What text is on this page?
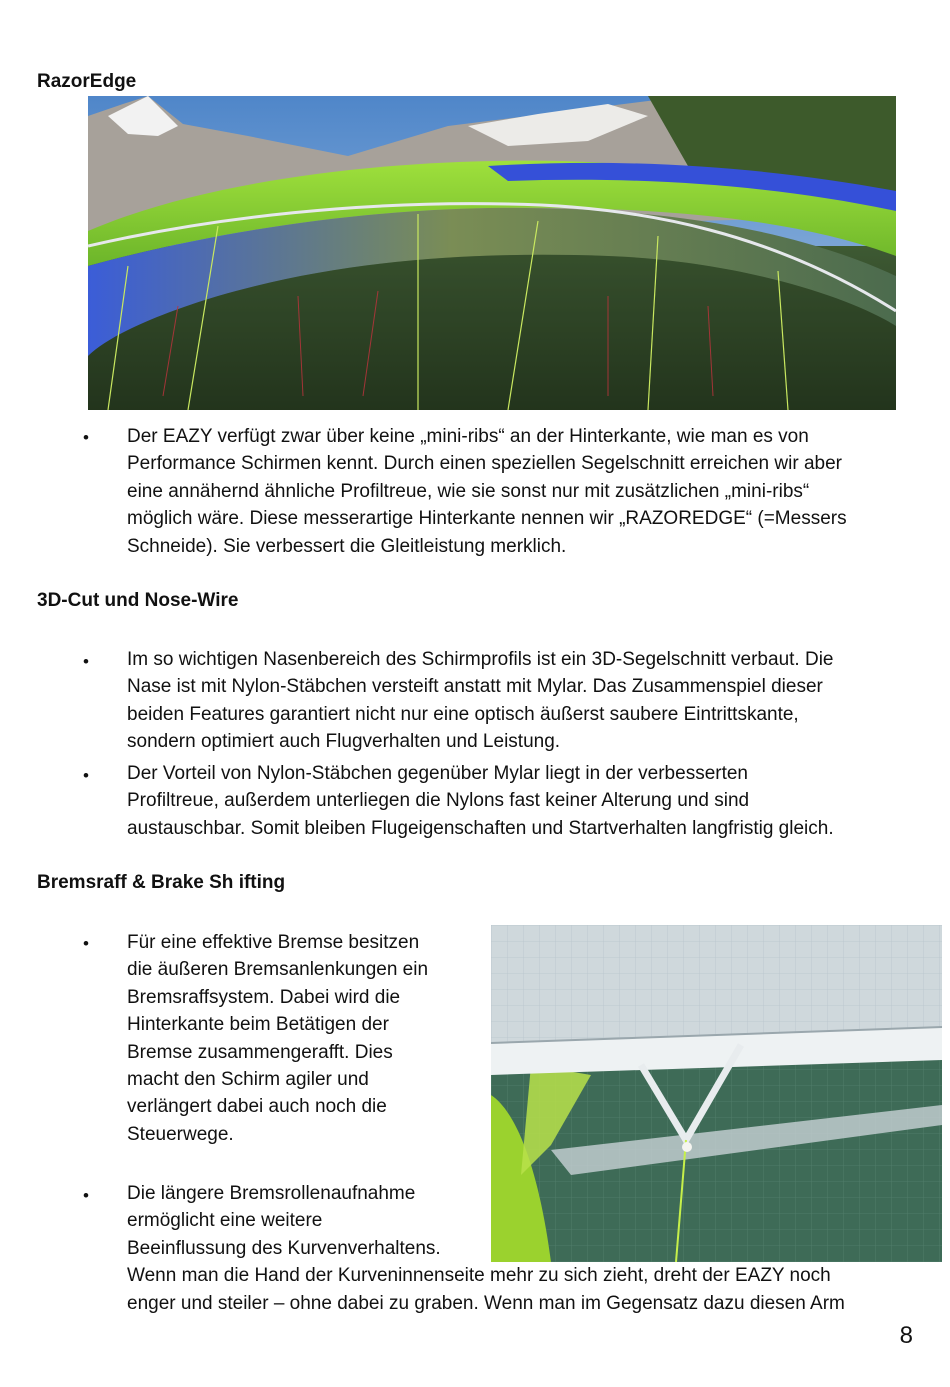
RazorEdge
• Der EAZY verfügt zwar über keine „mini-ribs“ an der Hinterkante, wie man es von
Performance Schirmen kennt. Durch einen speziellen Segelschnitt erreichen wir aber
eine annähernd ähnliche Profiltreue, wie sie sonst nur mit zusätzlichen „mini-ribs“
möglich wäre. Diese messerartige Hinterkante nennen wir „RAZOREDGE“ (=Messers
Schneide). Sie verbessert die Gleitleistung merklich.
3D-Cut und Nose-Wire
• Im so wichtigen Nasenbereich des Schirmprofils ist ein 3D-Segelschnitt verbaut. Die
Nase ist mit Nylon-Stäbchen versteift anstatt mit Mylar. Das Zusammenspiel dieser
beiden Features garantiert nicht nur eine optisch äußerst saubere Eintrittskante,
sondern optimiert auch Flugverhalten und Leistung.
• Der Vorteil von Nylon-Stäbchen gegenüber Mylar liegt in der verbesserten
Profiltreue, außerdem unterliegen die Nylons fast keiner Alterung und sind
austauschbar. Somit bleiben Flugeigenschaften und Startverhalten langfristig gleich.
Bremsraff & Brake Sh ifting
• Für eine effektive Bremse besitzen
die äußeren Bremsanlenkungen ein
Bremsraffsystem. Dabei wird die
Hinterkante beim Betätigen der
Bremse zusammengerafft. Dies
macht den Schirm agiler und
verlängert dabei auch noch die
Steuerwege.
• Die längere Bremsrollenaufnahme
ermöglicht eine weitere
Beeinflussung des Kurvenverhaltens.
Wenn man die Hand der Kurveninnenseite mehr zu sich zieht, dreht der EAZY noch
enger und steiler – ohne dabei zu graben. Wenn man im Gegensatz dazu diesen Arm
8
